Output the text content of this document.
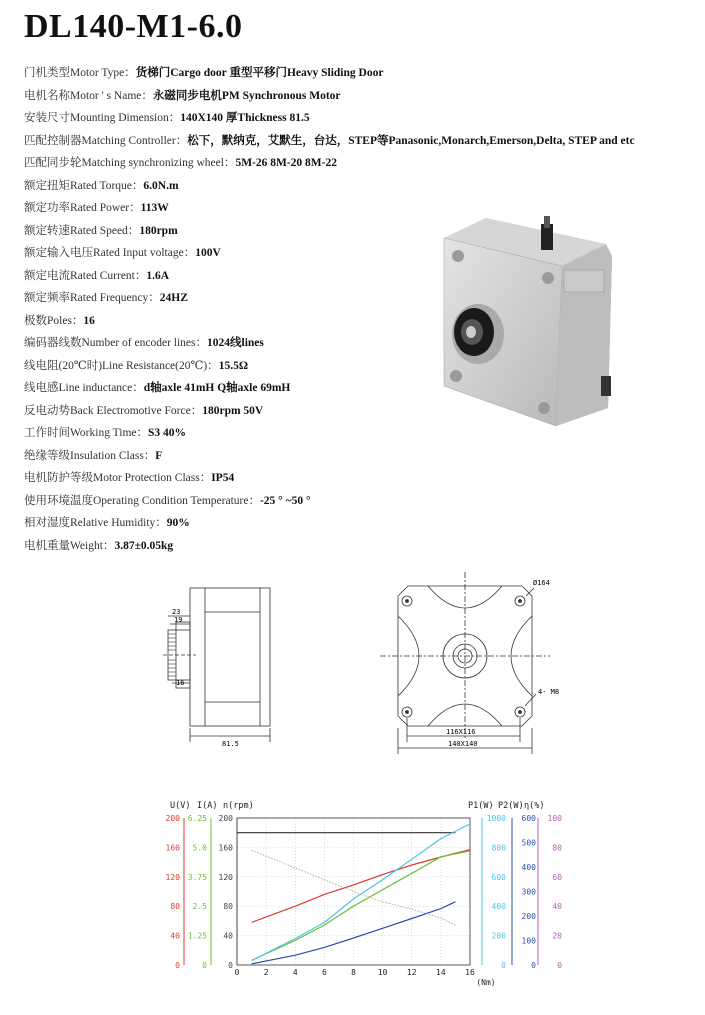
DL140-M1-6.0
门机类型Motor Type：货梯门Cargo door 重型平移门Heavy Sliding Door
电机名称Motor ' s Name：永磁同步电机PM Synchronous Motor
安装尺寸Mounting Dimension：140X140 厚Thickness 81.5
匹配控制器Matching Controller：松下，默纳克，艾默生，台达，STEP等Panasonic,Monarch,Emerson,Delta, STEP and etc
匹配同步轮Matching synchronizing wheel：5M-26 8M-20 8M-22
额定扭矩Rated Torque：6.0N.m
额定功率Rated Power：113W
额定转速Rated Speed：180rpm
额定输入电压Rated Input voltage：100V
额定电流Rated Current：1.6A
额定频率Rated Frequency：24HZ
极数Poles：16
编码器线数Number of encoder lines：1024线lines
线电阻(20℃时)Line Resistance(20℃)：15.5Ω
线电感Line inductance：d轴axle 41mH Q轴axle 69mH
反电动势Back Electromotive Force：180rpm 50V
工作时间Working Time：S3 40%
绝缘等级Insulation Class：F
电机防护等级Motor Protection Class：IP54
使用环境温度Operating Condition Temperature：-25 ° ~50 °
相对湿度Relative Humidity：90%
电机重量Weight：3.87±0.05kg
23
19
16
81.5
Ø164
4- M8
116X116
140X140
U(V)
0
40
80
120
160
200
I(A)
0
1.25
2.5
3.75
5.0
6.25
n(rpm)
0
40
80
120
160
200
P1(W)
0
200
400
600
800
1000
P2(W)
0
100
200
300
400
500
600
η(%)
0
20
40
60
80
100
0	2	4	6	8	10 12 14 16
(Nm)
